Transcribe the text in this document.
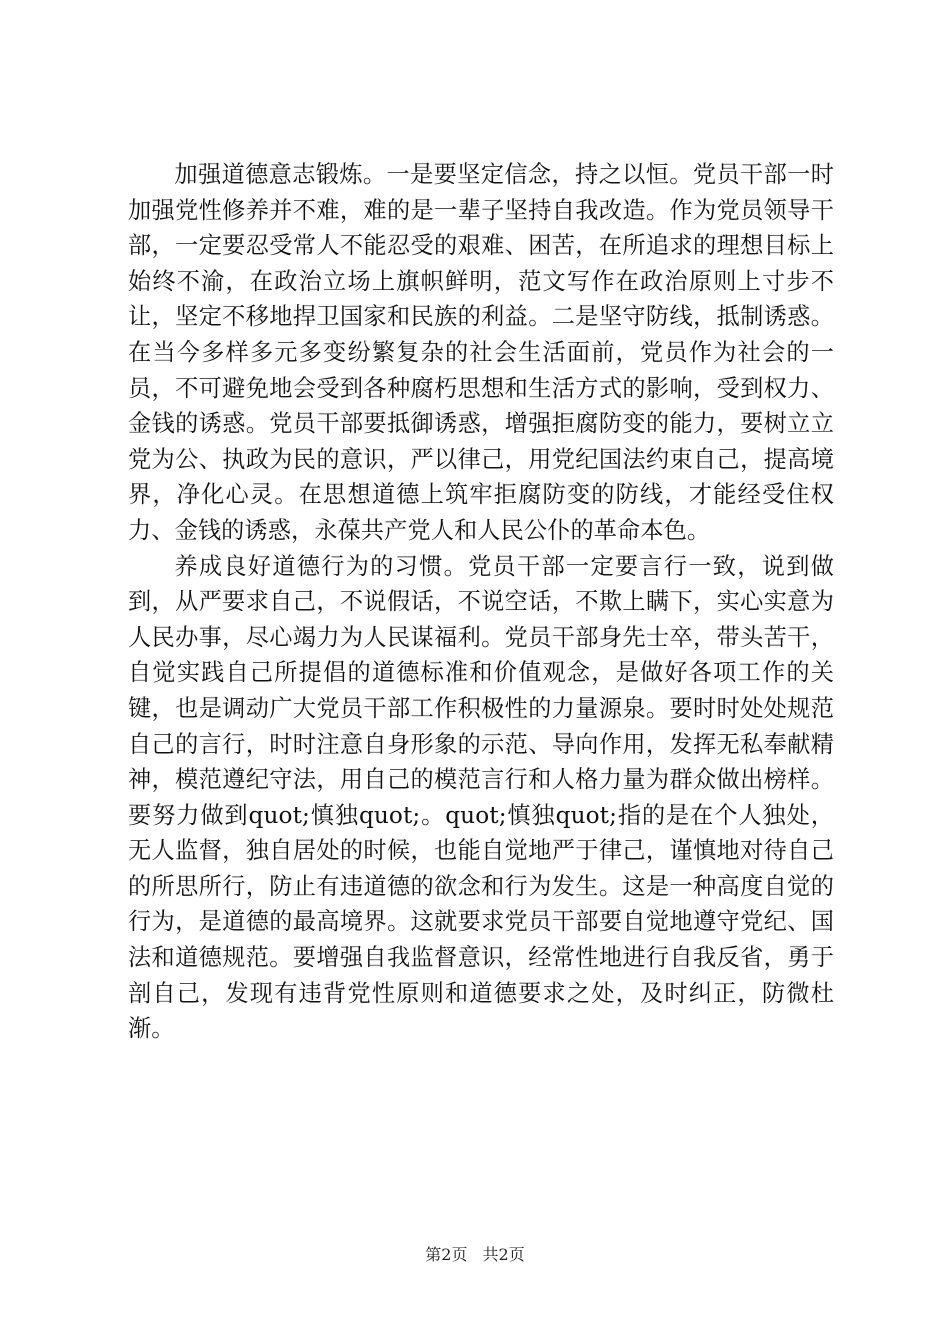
加强道德意志锻炼。一是要坚定信念，持之以恒。党员干部一时加强党性修养并不难，难的是一辈子坚持自我改造。作为党员领导干部，一定要忍受常人不能忍受的艰难、困苦，在所追求的理想目标上始终不渝，在政治立场上旗帜鲜明，范文写作在政治原则上寸步不让，坚定不移地捍卫国家和民族的利益。二是坚守防线，抵制诱惑。在当今多样多元多变纷繁复杂的社会生活面前，党员作为社会的一员，不可避免地会受到各种腐朽思想和生活方式的影响，受到权力、金钱的诱惑。党员干部要抵御诱惑，增强拒腐防变的能力，要树立立党为公、执政为民的意识，严以律己，用党纪国法约束自己，提高境界，净化心灵。在思想道德上筑牢拒腐防变的防线，才能经受住权力、金钱的诱惑，永葆共产党人和人民公仆的革命本色。

养成良好道德行为的习惯。党员干部一定要言行一致，说到做到，从严要求自己，不说假话，不说空话，不欺上瞒下，实心实意为人民办事，尽心竭力为人民谋福利。党员干部身先士卒，带头苦干，自觉实践自己所提倡的道德标准和价值观念，是做好各项工作的关键，也是调动广大党员干部工作积极性的力量源泉。要时时处处规范自己的言行，时时注意自身形象的示范、导向作用，发挥无私奉献精神，模范遵纪守法，用自己的模范言行和人格力量为群众做出榜样。要努力做到quot;慎独quot;。quot;慎独quot;指的是在个人独处，无人监督，独自居处的时候，也能自觉地严于律己，谨慎地对待自己的所思所行，防止有违道德的欲念和行为发生。这是一种高度自觉的行为，是道德的最高境界。这就要求党员干部要自觉地遵守党纪、国法和道德规范。要增强自我监督意识，经常性地进行自我反省，勇于剖自己，发现有违背党性原则和道德要求之处，及时纠正，防微杜渐。

第2页 共2页
